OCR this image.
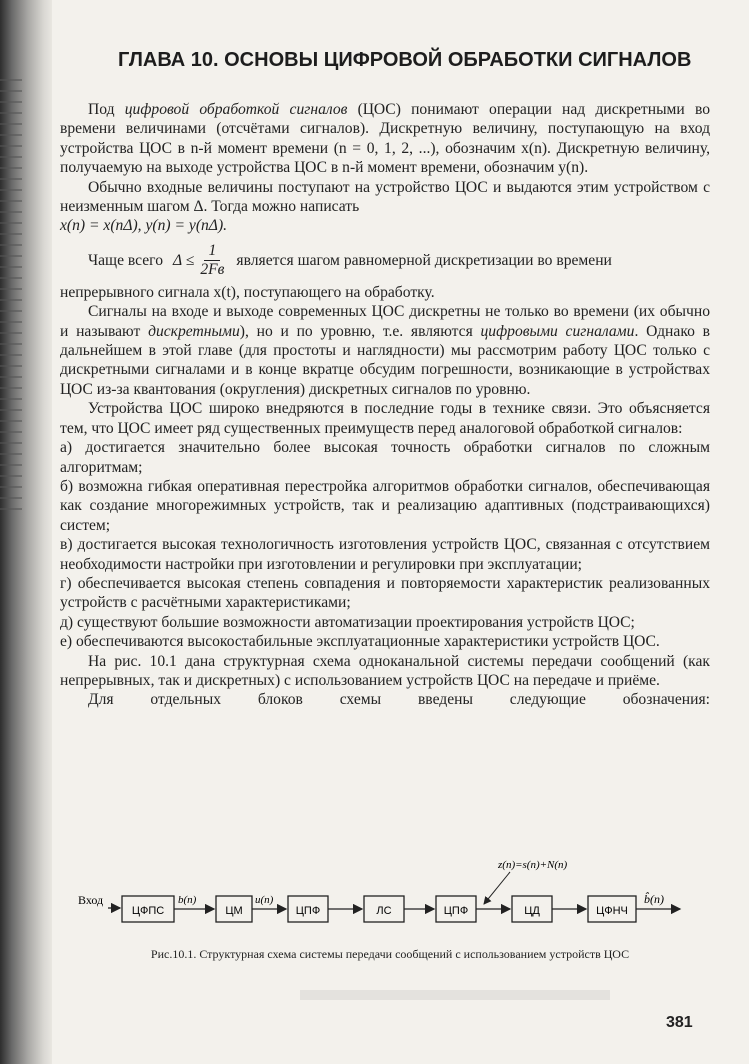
ГЛАВА 10. ОСНОВЫ ЦИФРОВОЙ ОБРАБОТКИ СИГНАЛОВ

Под цифровой обработкой сигналов (ЦОС) понимают операции над дискретными во времени величинами (отсчётами сигналов). Дискретную величину, поступающую на вход устройства ЦОС в n-й момент времени (n = 0, 1, 2, ...), обозначим x(n). Дискретную величину, получаемую на выходе устройства ЦОС в n-й момент времени, обозначим y(n).

Обычно входные величины поступают на устройство ЦОС и выдаются этим устройством с неизменным шагом Δ. Тогда можно написать

x(n) = x(nΔ), y(n) = y(nΔ).

Чаще всего $\Delta \le \frac{1}{2Fв}$ является шагом равномерной дискретизации во времени

непрерывного сигнала x(t), поступающего на обработку.

Сигналы на входе и выходе современных ЦОС дискретны не только во времени (их обычно и называют дискретными), но и по уровню, т.е. являются цифровыми сигналами. Однако в дальнейшем в этой главе (для простоты и наглядности) мы рассмотрим работу ЦОС только с дискретными сигналами и в конце вкратце обсудим погрешности, возникающие в устройствах ЦОС из-за квантования (округления) дискретных сигналов по уровню.

Устройства ЦОС широко внедряются в последние годы в технике связи. Это объясняется тем, что ЦОС имеет ряд существенных преимуществ перед аналоговой обработкой сигналов:

а) достигается значительно более высокая точность обработки сигналов по сложным алгоритмам;

б) возможна гибкая оперативная перестройка алгоритмов обработки сигналов, обеспечивающая как создание многорежимных устройств, так и реализацию адаптивных (подстраивающихся) систем;

в) достигается высокая технологичность изготовления устройств ЦОС, связанная с отсутствием необходимости настройки при изготовлении и регулировки при эксплуатации;

г) обеспечивается высокая степень совпадения и повторяемости характеристик реализованных устройств с расчётными характеристиками;

д) существуют большие возможности автоматизации проектирования устройств ЦОС;

е) обеспечиваются высокостабильные эксплуатационные характеристики устройств ЦОС.

На рис. 10.1 дана структурная схема одноканальной системы передачи сообщений (как непрерывных, так и дискретных) с использованием устройств ЦОС на передаче и приёме.

Для отдельных блоков схемы введены следующие обозначения:

Вход
ЦФПС
b(n)
ЦМ
u(n)
ЦПФ	ЛС	ЦПФ
z(n)=s(n)+N(n)
ЦД	ЦФНЧ
b̂(n)
Рис.10.1. Структурная схема системы передачи сообщений с использованием устройств ЦОС
381
